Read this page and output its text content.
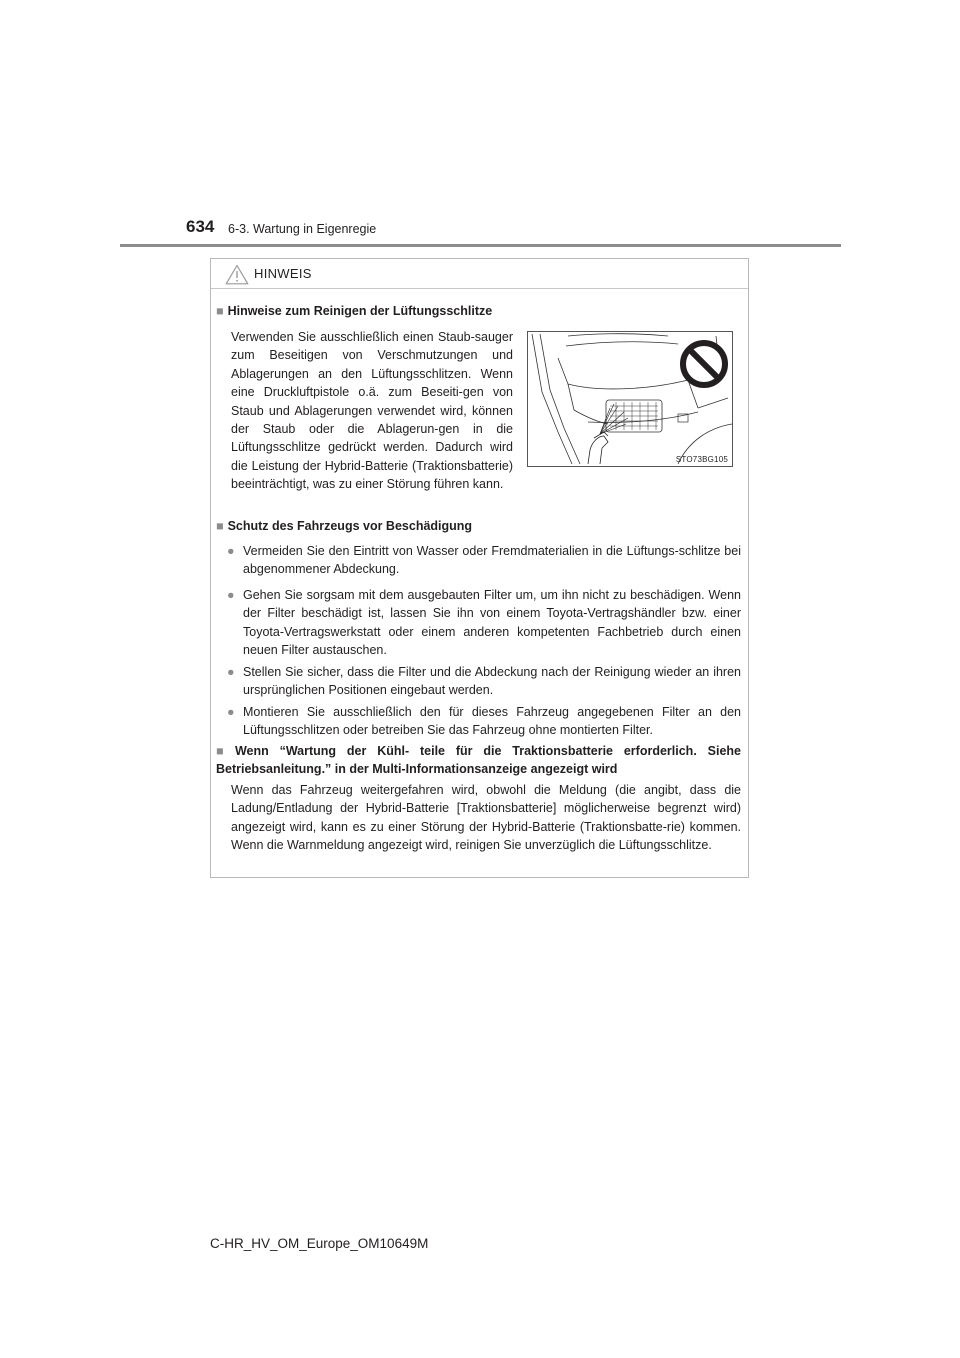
634 6-3. Wartung in Eigenregie
HINWEIS
■ Hinweise zum Reinigen der Lüftungsschlitze
Verwenden Sie ausschließlich einen Staub-sauger zum Beseitigen von Verschmutzungen und Ablagerungen an den Lüftungsschlitzen. Wenn eine Druckluftpistole o.ä. zum Beseiti-gen von Staub und Ablagerungen verwendet wird, können der Staub oder die Ablagerun-gen in die Lüftungsschlitze gedrückt werden. Dadurch wird die Leistung der Hybrid-Batterie (Traktionsbatterie) beeinträchtigt, was zu einer Störung führen kann.
STO73BG105
■ Schutz des Fahrzeugs vor Beschädigung
● Vermeiden Sie den Eintritt von Wasser oder Fremdmaterialien in die Lüftungs-schlitze bei abgenommener Abdeckung.
● Gehen Sie sorgsam mit dem ausgebauten Filter um, um ihn nicht zu beschädigen. Wenn der Filter beschädigt ist, lassen Sie ihn von einem Toyota-Vertragshändler bzw. einer Toyota-Vertragswerkstatt oder einem anderen kompetenten Fachbetrieb durch einen neuen Filter austauschen.
● Stellen Sie sicher, dass die Filter und die Abdeckung nach der Reinigung wieder an ihren ursprünglichen Positionen eingebaut werden.
● Montieren Sie ausschließlich den für dieses Fahrzeug angegebenen Filter an den Lüftungsschlitzen oder betreiben Sie das Fahrzeug ohne montierten Filter.
■ Wenn “Wartung der Kühl- teile für die Traktionsbatterie erforderlich. Siehe Betriebsanleitung.” in der Multi-Informationsanzeige angezeigt wird
Wenn das Fahrzeug weitergefahren wird, obwohl die Meldung (die angibt, dass die Ladung/Entladung der Hybrid-Batterie [Traktionsbatterie] möglicherweise begrenzt wird) angezeigt wird, kann es zu einer Störung der Hybrid-Batterie (Traktionsbatte-rie) kommen. Wenn die Warnmeldung angezeigt wird, reinigen Sie unverzüglich die Lüftungsschlitze.
C-HR_HV_OM_Europe_OM10649M
